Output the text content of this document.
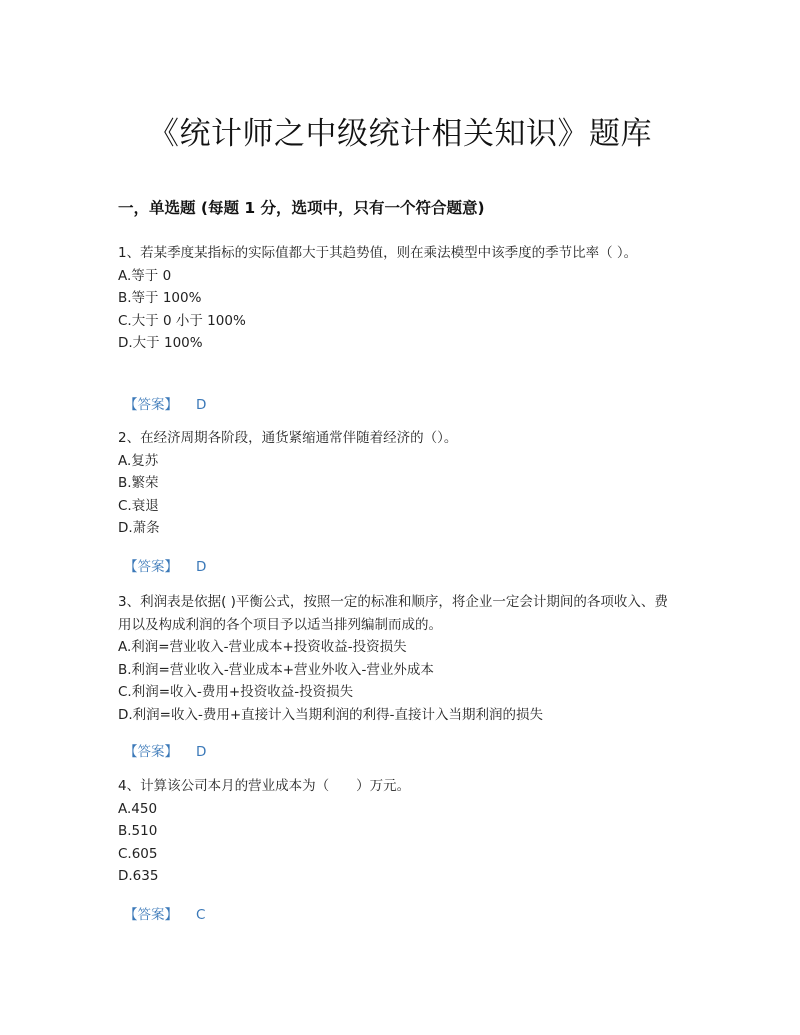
《统计师之中级统计相关知识》题库
一，单选题 (每题 1 分，选项中，只有一个符合题意)
1、若某季度某指标的实际值都大于其趋势值，则在乘法模型中该季度的季节比率（ ）。
A.等于 0
B.等于 100%
C.大于 0 小于 100%
D.大于 100%
【答案】 D
2、在经济周期各阶段，通货紧缩通常伴随着经济的（）。
A.复苏
B.繁荣
C.衰退
D.萧条
【答案】 D
3、利润表是依据( )平衡公式，按照一定的标准和顺序，将企业一定会计期间的各项收入、费用以及构成利润的各个项目予以适当排列编制而成的。
A.利润=营业收入-营业成本+投资收益-投资损失
B.利润=营业收入-营业成本+营业外收入-营业外成本
C.利润=收入-费用+投资收益-投资损失
D.利润=收入-费用+直接计入当期利润的利得-直接计入当期利润的损失
【答案】 D
4、计算该公司本月的营业成本为（　　）万元。
A.450
B.510
C.605
D.635
【答案】 C
